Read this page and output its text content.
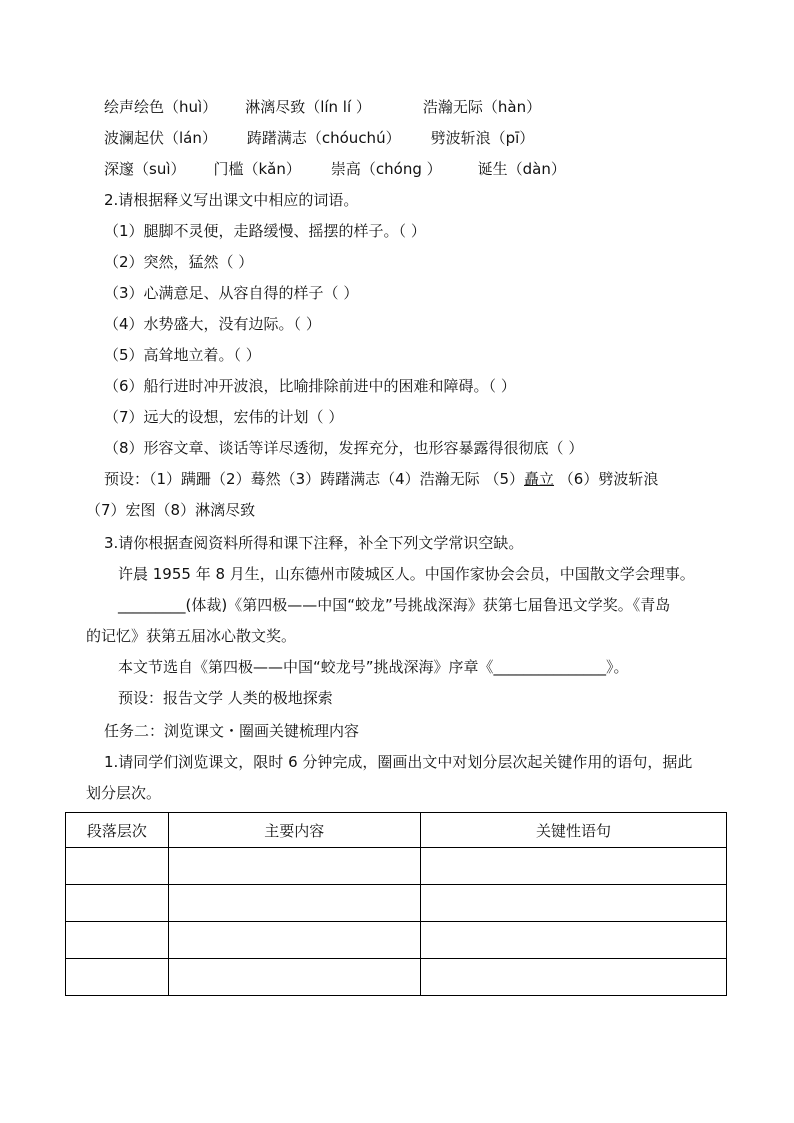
绘声绘色（huì） 淋漓尽致（lín lí ）	浩瀚无际（hàn）
波澜起伏（lán） 踌躇满志（chóuchú） 劈波斩浪（pī）
深邃（suì） 门槛（kǎn） 崇高（chóng ） 诞生（dàn）
2.请根据释义写出课文中相应的词语。
（1）腿脚不灵便，走路缓慢、摇摆的样子。（ ）
（2）突然，猛然（ ）
（3）心满意足、从容自得的样子（ ）
（4）水势盛大，没有边际。（ ）
（5）高耸地立着。（ ）
（6）船行进时冲开波浪，比喻排除前进中的困难和障碍。（ ）
（7）远大的设想，宏伟的计划（ ）
（8）形容文章、谈话等详尽透彻，发挥充分，也形容暴露得很彻底（ ）
预设：（1）蹒跚（2）蓦然（3）踌躇满志（4）浩瀚无际 （5）矗立 （6）劈波斩浪
（7）宏图（8）淋漓尽致
3.请你根据查阅资料所得和课下注释，补全下列文学常识空缺。
许晨 1955 年 8 月生，山东德州市陵城区人。中国作家协会会员，中国散文学会理事。
_________(体裁)《第四极——中国“蛟龙”号挑战深海》获第七届鲁迅文学奖。《青岛
的记忆》获第五届冰心散文奖。
本文节选自《第四极——中国“蛟龙号”挑战深海》序章《_______________》。
预设：报告文学 人类的极地探索
任务二：浏览课文・圈画关键梳理内容
1.请同学们浏览课文，限时 6 分钟完成，圈画出文中对划分层次起关键作用的语句，据此
划分层次。
段落层次	主要内容	关键性语句
